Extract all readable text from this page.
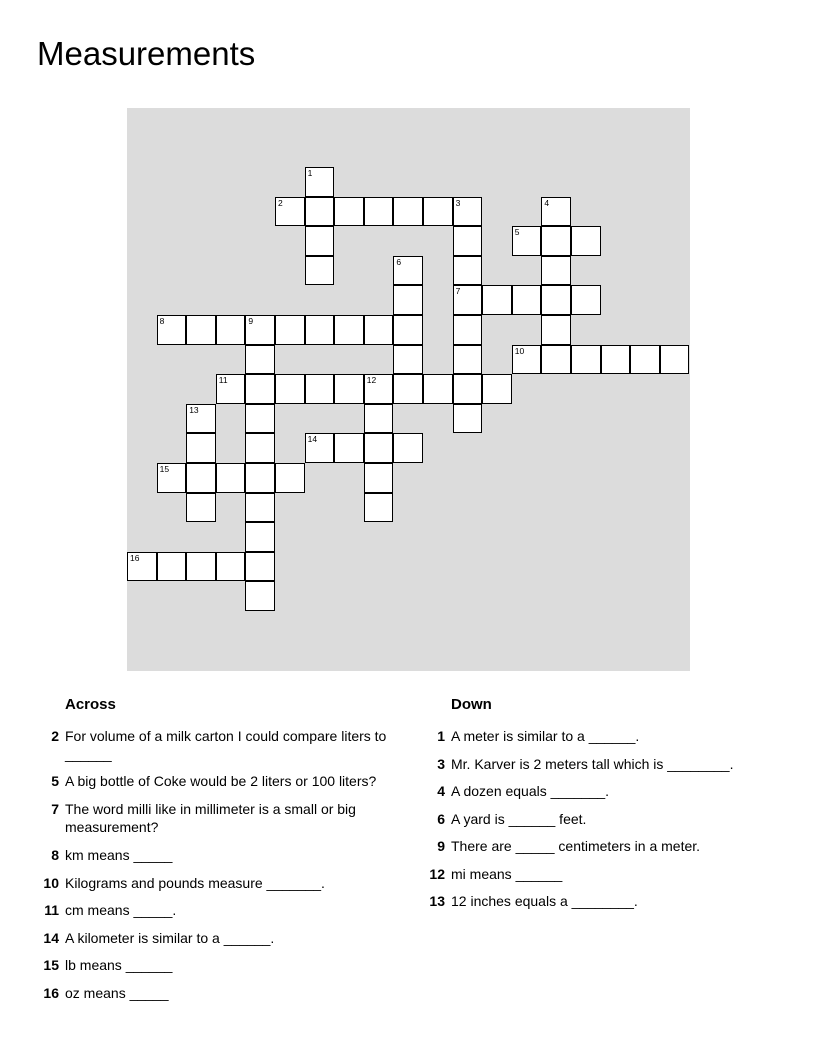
Measurements
1
2	3	4
5
6
7
8	9
10
11	12
13
14
15
16
Across
2 For volume of a milk carton I could compare liters to ______
5 A big bottle of Coke would be 2 liters or 100 liters?
7 The word milli like in millimeter is a small or big measurement?
8 km means _____
10 Kilograms and pounds measure _______.
11 cm means _____.
14 A kilometer is similar to a ______.
15 lb means ______
16 oz means _____
Down
1 A meter is similar to a ______.
3 Mr. Karver is 2 meters tall which is ________.
4 A dozen equals _______.
6 A yard is ______ feet.
9 There are _____ centimeters in a meter.
12 mi means ______
13 12 inches equals a ________.
